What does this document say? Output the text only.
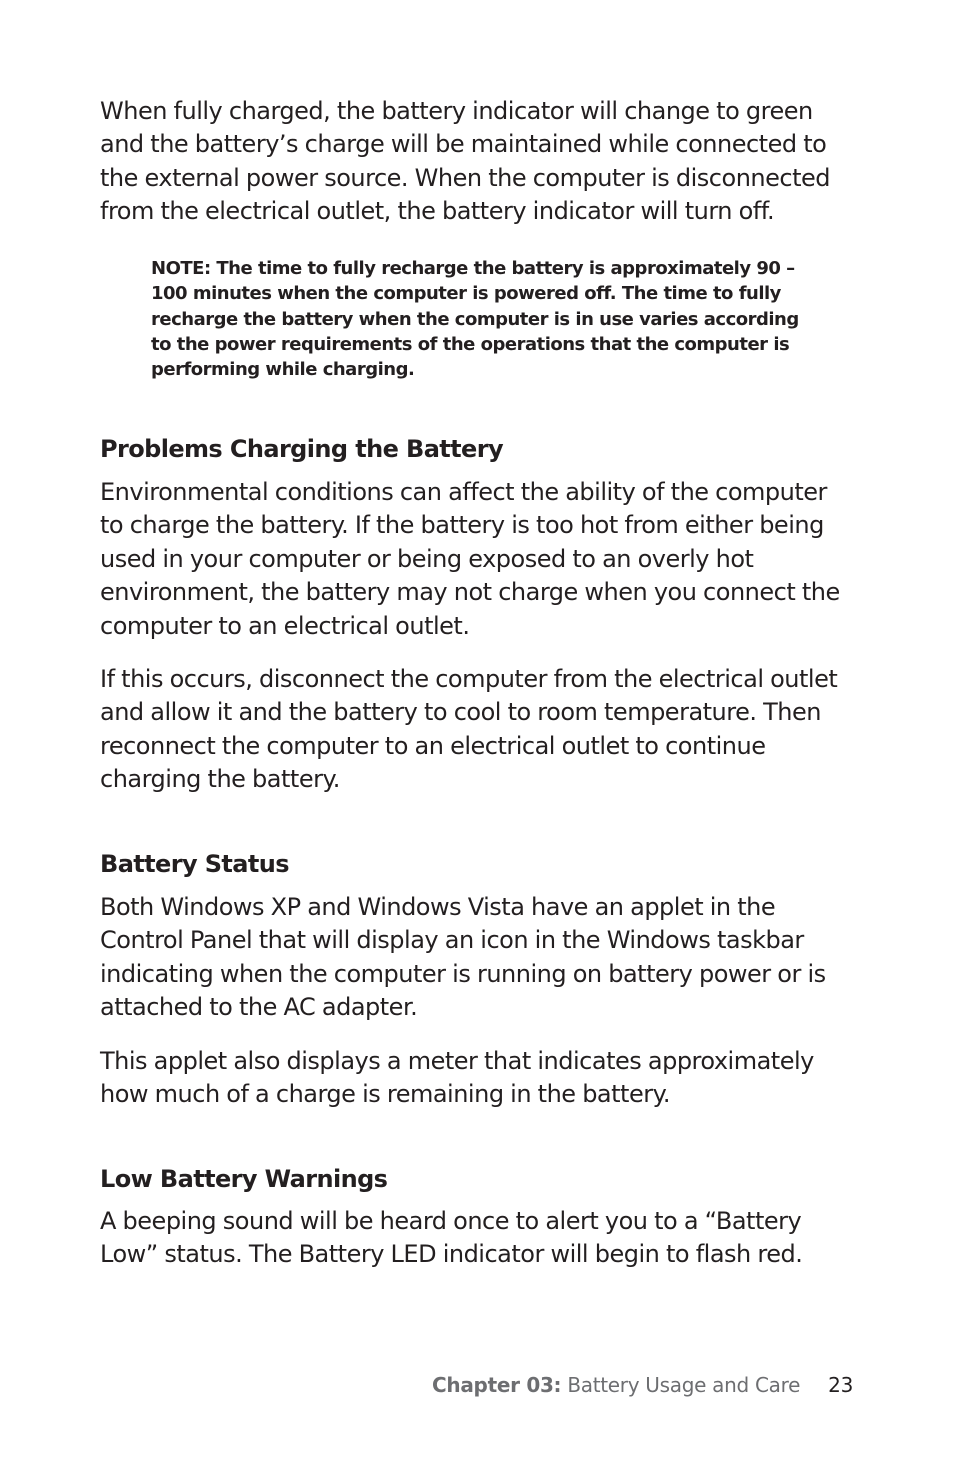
When fully charged, the battery indicator will change to green
and the battery’s charge will be maintained while connected to
the external power source. When the computer is disconnected
from the electrical outlet, the battery indicator will turn off.

NOTE: The time to fully recharge the battery is approximately 90 –
100 minutes when the computer is powered off. The time to fully
recharge the battery when the computer is in use varies according
to the power requirements of the operations that the computer is
performing while charging.

Problems Charging the Battery

Environmental conditions can affect the ability of the computer
to charge the battery. If the battery is too hot from either being
used in your computer or being exposed to an overly hot
environment, the battery may not charge when you connect the
computer to an electrical outlet.

If this occurs, disconnect the computer from the electrical outlet
and allow it and the battery to cool to room temperature. Then
reconnect the computer to an electrical outlet to continue
charging the battery.

Battery Status

Both Windows XP and Windows Vista have an applet in the
Control Panel that will display an icon in the Windows taskbar
indicating when the computer is running on battery power or is
attached to the AC adapter.

This applet also displays a meter that indicates approximately
how much of a charge is remaining in the battery.

Low Battery Warnings

A beeping sound will be heard once to alert you to a “Battery
Low” status. The Battery LED indicator will begin to flash red.

Chapter 03: Battery Usage and Care 23
